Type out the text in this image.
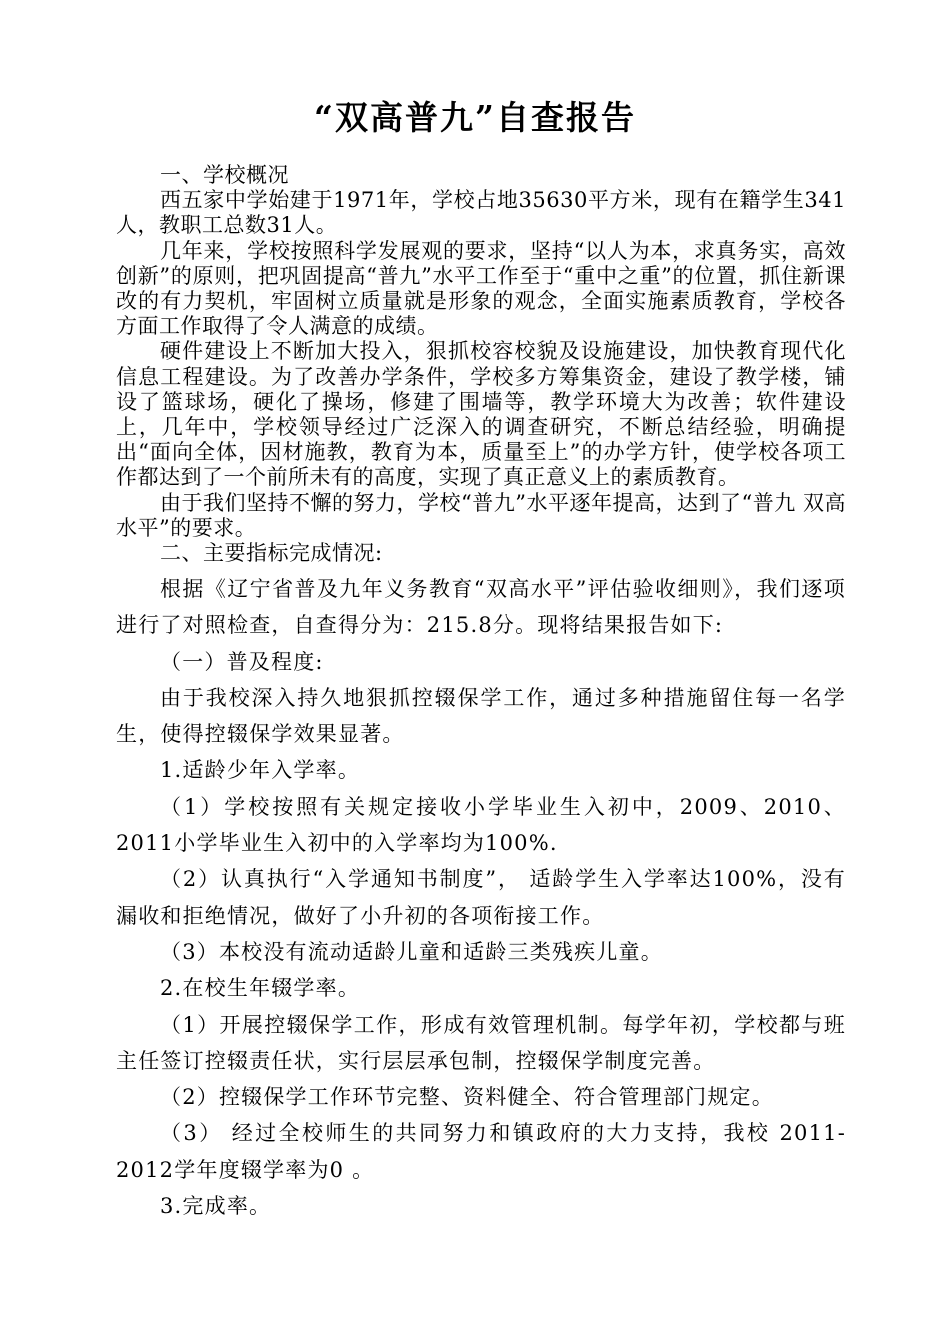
“双高普九”自查报告

一、学校概况

西五家中学始建于1971年，学校占地35630平方米，现有在籍学生341人，教职工总数31人。

几年来，学校按照科学发展观的要求，坚持“以人为本，求真务实，高效创新”的原则，把巩固提高“普九”水平工作至于“重中之重”的位置，抓住新课改的有力契机，牢固树立质量就是形象的观念，全面实施素质教育，学校各方面工作取得了令人满意的成绩。

硬件建设上不断加大投入，狠抓校容校貌及设施建设，加快教育现代化信息工程建设。为了改善办学条件，学校多方筹集资金，建设了教学楼，铺设了篮球场，硬化了操场，修建了围墙等，教学环境大为改善；软件建设上，几年中，学校领导经过广泛深入的调查研究，不断总结经验，明确提出“面向全体，因材施教，教育为本，质量至上”的办学方针，使学校各项工作都达到了一个前所未有的高度，实现了真正意义上的素质教育。

由于我们坚持不懈的努力，学校“普九”水平逐年提高，达到了“普九 双高水平”的要求。

二、主要指标完成情况:

根据《辽宁省普及九年义务教育“双高水平”评估验收细则》，我们逐项进行了对照检查，自查得分为：215.8分。现将结果报告如下:

（一）普及程度:

由于我校深入持久地狠抓控辍保学工作，通过多种措施留住每一名学生，使得控辍保学效果显著。

1.适龄少年入学率。

（1）学校按照有关规定接收小学毕业生入初中，2009、2010、2011小学毕业生入初中的入学率均为100%.

（2）认真执行“入学通知书制度”， 适龄学生入学率达100%，没有漏收和拒绝情况，做好了小升初的各项衔接工作。

（3）本校没有流动适龄儿童和适龄三类残疾儿童。

2.在校生年辍学率。

（1）开展控辍保学工作，形成有效管理机制。每学年初，学校都与班主任签订控辍责任状，实行层层承包制，控辍保学制度完善。

（2）控辍保学工作环节完整、资料健全、符合管理部门规定。

（3） 经过全校师生的共同努力和镇政府的大力支持，我校 2011-2012学年度辍学率为0 。

3.完成率。
